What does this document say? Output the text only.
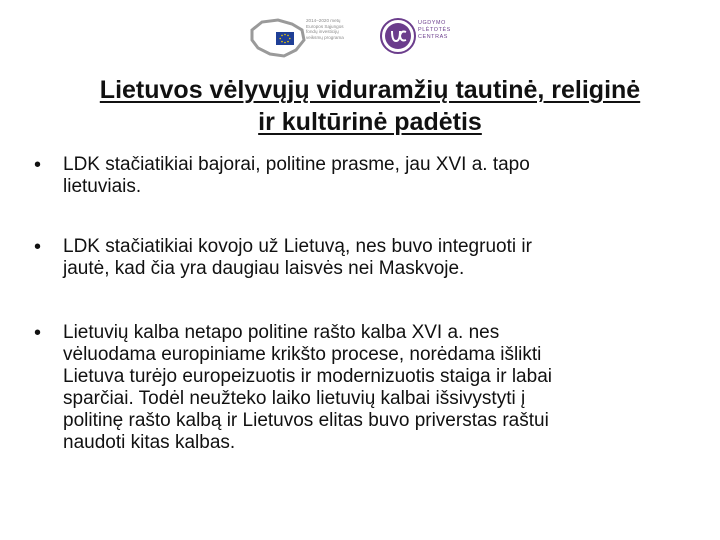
2014–2020 metų
Europos Sąjungos
fondų investicijų
veiksmų programa
UGDYMO
PLĖTOTĖS
CENTRAS
Lietuvos vėlyvųjų viduramžių tautinė, religinė
ir kultūrinė padėtis
• LDK stačiatikiai bajorai, politine prasme, jau XVI a. tapo
lietuviais.
• LDK stačiatikiai kovojo už Lietuvą, nes buvo integruoti ir
jautė, kad čia yra daugiau laisvės nei Maskvoje.
• Lietuvių kalba netapo politine rašto kalba XVI a. nes
vėluodama europiniame krikšto procese, norėdama išlikti
Lietuva turėjo europeizuotis ir modernizuotis staiga ir labai
sparčiai. Todėl neužteko laiko lietuvių kalbai išsivystyti į
politinę rašto kalbą ir Lietuvos elitas buvo priverstas raštui
naudoti kitas kalbas.
